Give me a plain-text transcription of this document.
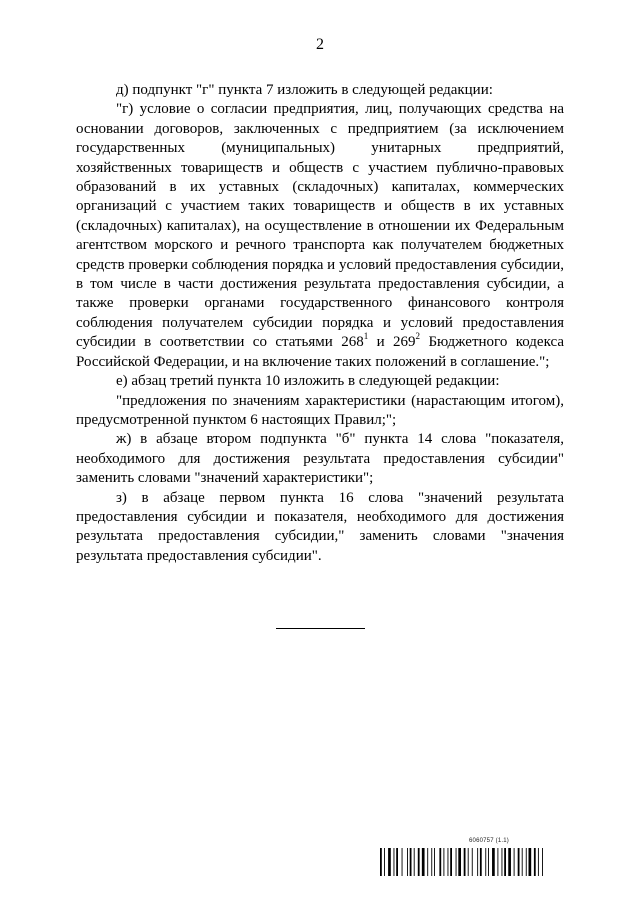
2

д) подпункт "г" пункта 7 изложить в следующей редакции:

"г) условие о согласии предприятия, лиц, получающих средства на основании договоров, заключенных с предприятием (за исключением государственных (муниципальных) унитарных предприятий, хозяйственных товариществ и обществ с участием публично-правовых образований в их уставных (складочных) капиталах, коммерческих организаций с участием таких товариществ и обществ в их уставных (складочных) капиталах), на осуществление в отношении их Федеральным агентством морского и речного транспорта как получателем бюджетных средств проверки соблюдения порядка и условий предоставления субсидии, в том числе в части достижения результата предоставления субсидии, а также проверки органами государственного финансового контроля соблюдения получателем субсидии порядка и условий предоставления субсидии в соответствии со статьями $268^1$ и $269^2$ Бюджетного кодекса Российской Федерации, и на включение таких положений в соглашение.";

е) абзац третий пункта 10 изложить в следующей редакции:

"предложения по значениям характеристики (нарастающим итогом), предусмотренной пунктом 6 настоящих Правил;";

ж) в абзаце втором подпункта "б" пункта 14 слова "показателя, необходимого для достижения результата предоставления субсидии" заменить словами "значений характеристики";

з) в абзаце первом пункта 16 слова "значений результата предоставления субсидии и показателя, необходимого для достижения результата предоставления субсидии," заменить словами "значения результата предоставления субсидии".

6060757 (1.1)
